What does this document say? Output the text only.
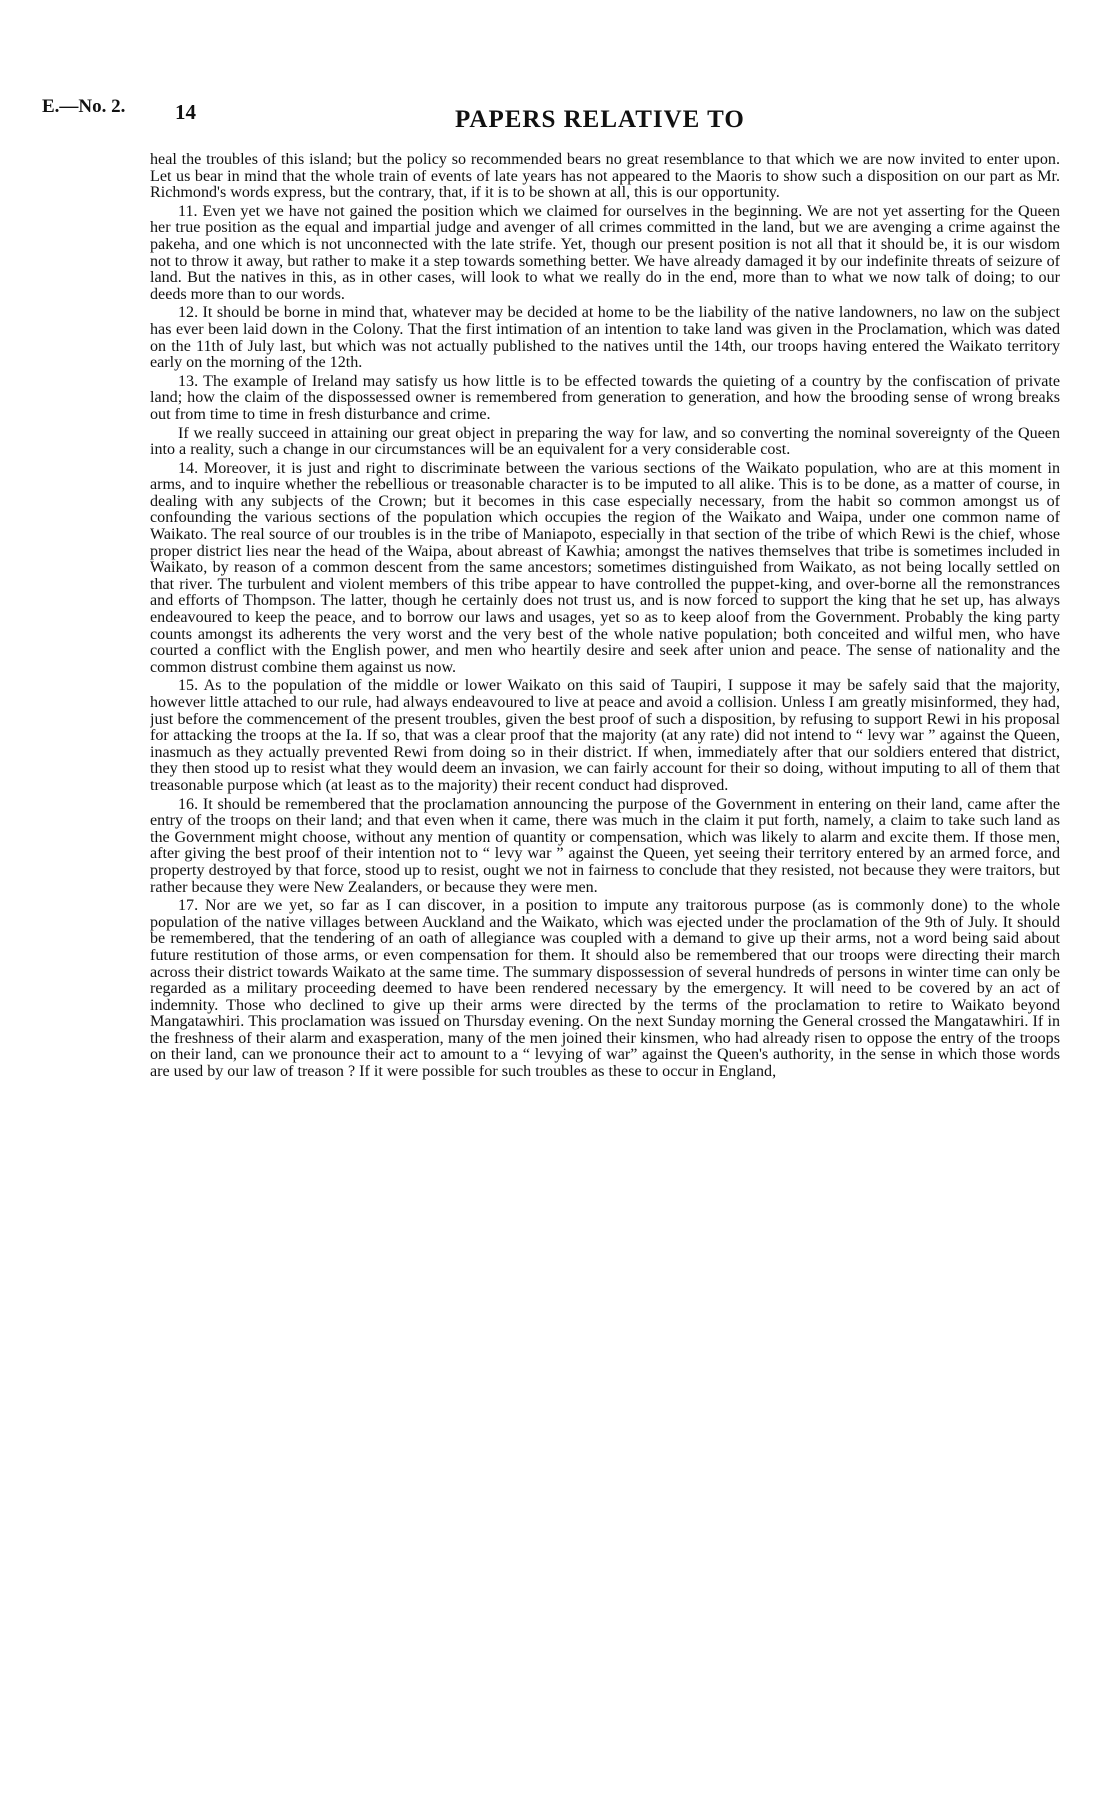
E.—No. 2. 14	PAPERS RELATIVE TO

heal the troubles of this island; but the policy so recommended bears no great resemblance to that which we are now invited to enter upon. Let us bear in mind that the whole train of events of late years has not appeared to the Maoris to show such a disposition on our part as Mr. Richmond's words express, but the contrary, that, if it is to be shown at all, this is our opportunity.

11. Even yet we have not gained the position which we claimed for ourselves in the beginning. We are not yet asserting for the Queen her true position as the equal and impartial judge and avenger of all crimes committed in the land, but we are avenging a crime against the pakeha, and one which is not unconnected with the late strife. Yet, though our present position is not all that it should be, it is our wisdom not to throw it away, but rather to make it a step towards something better. We have already damaged it by our indefinite threats of seizure of land. But the natives in this, as in other cases, will look to what we really do in the end, more than to what we now talk of doing; to our deeds more than to our words.

12. It should be borne in mind that, whatever may be decided at home to be the liability of the native landowners, no law on the subject has ever been laid down in the Colony. That the first intimation of an intention to take land was given in the Proclamation, which was dated on the 11th of July last, but which was not actually published to the natives until the 14th, our troops having entered the Waikato territory early on the morning of the 12th.

13. The example of Ireland may satisfy us how little is to be effected towards the quieting of a country by the confiscation of private land; how the claim of the dispossessed owner is remembered from generation to generation, and how the brooding sense of wrong breaks out from time to time in fresh disturbance and crime.

If we really succeed in attaining our great object in preparing the way for law, and so converting the nominal sovereignty of the Queen into a reality, such a change in our circumstances will be an equivalent for a very considerable cost.

14. Moreover, it is just and right to discriminate between the various sections of the Waikato population, who are at this moment in arms, and to inquire whether the rebellious or treasonable character is to be imputed to all alike. This is to be done, as a matter of course, in dealing with any subjects of the Crown; but it becomes in this case especially necessary, from the habit so common amongst us of confounding the various sections of the population which occupies the region of the Waikato and Waipa, under one common name of Waikato. The real source of our troubles is in the tribe of Maniapoto, especially in that section of the tribe of which Rewi is the chief, whose proper district lies near the head of the Waipa, about abreast of Kawhia; amongst the natives themselves that tribe is sometimes included in Waikato, by reason of a common descent from the same ancestors; sometimes distinguished from Waikato, as not being locally settled on that river. The turbulent and violent members of this tribe appear to have controlled the puppet-king, and over-borne all the remonstrances and efforts of Thompson. The latter, though he certainly does not trust us, and is now forced to support the king that he set up, has always endeavoured to keep the peace, and to borrow our laws and usages, yet so as to keep aloof from the Government. Probably the king party counts amongst its adherents the very worst and the very best of the whole native population; both conceited and wilful men, who have courted a conflict with the English power, and men who heartily desire and seek after union and peace. The sense of nationality and the common distrust combine them against us now.

15. As to the population of the middle or lower Waikato on this said of Taupiri, I suppose it may be safely said that the majority, however little attached to our rule, had always endeavoured to live at peace and avoid a collision. Unless I am greatly misinformed, they had, just before the commencement of the present troubles, given the best proof of such a disposition, by refusing to support Rewi in his proposal for attacking the troops at the Ia. If so, that was a clear proof that the majority (at any rate) did not intend to “ levy war ” against the Queen, inasmuch as they actually prevented Rewi from doing so in their district. If when, immediately after that our soldiers entered that district, they then stood up to resist what they would deem an invasion, we can fairly account for their so doing, without imputing to all of them that treasonable purpose which (at least as to the majority) their recent conduct had disproved.

16. It should be remembered that the proclamation announcing the purpose of the Government in entering on their land, came after the entry of the troops on their land; and that even when it came, there was much in the claim it put forth, namely, a claim to take such land as the Government might choose, without any mention of quantity or compensation, which was likely to alarm and excite them. If those men, after giving the best proof of their intention not to “ levy war ” against the Queen, yet seeing their territory entered by an armed force, and property destroyed by that force, stood up to resist, ought we not in fairness to conclude that they resisted, not because they were traitors, but rather because they were New Zealanders, or because they were men.

17. Nor are we yet, so far as I can discover, in a position to impute any traitorous purpose (as is commonly done) to the whole population of the native villages between Auckland and the Waikato, which was ejected under the proclamation of the 9th of July. It should be remembered, that the tendering of an oath of allegiance was coupled with a demand to give up their arms, not a word being said about future restitution of those arms, or even compensation for them. It should also be remembered that our troops were directing their march across their district towards Waikato at the same time. The summary dispossession of several hundreds of persons in winter time can only be regarded as a military proceeding deemed to have been rendered necessary by the emergency. It will need to be covered by an act of indemnity. Those who declined to give up their arms were directed by the terms of the proclamation to retire to Waikato beyond Mangatawhiri. This proclamation was issued on Thursday evening. On the next Sunday morning the General crossed the Mangatawhiri. If in the freshness of their alarm and exasperation, many of the men joined their kinsmen, who had already risen to oppose the entry of the troops on their land, can we pronounce their act to amount to a “ levying of war” against the Queen's authority, in the sense in which those words are used by our law of treason ? If it were possible for such troubles as these to occur in England,
